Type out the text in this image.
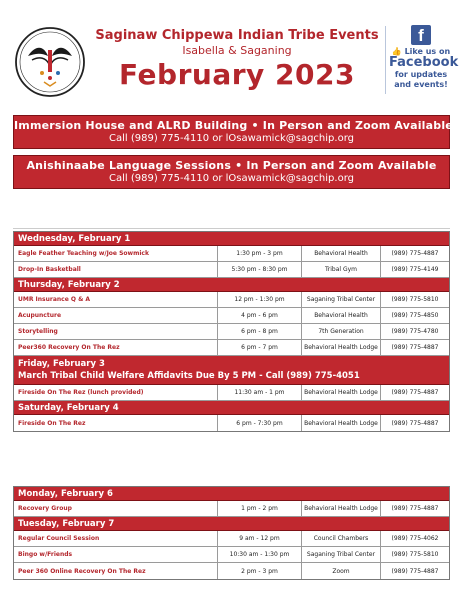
Saginaw Chippewa Indian Tribe Events
Isabella & Saganing
February 2023
f
👍 Like us on
Facebook
for updates
and events!
Immersion House and ALRD Building • In Person and Zoom Available
Call (989) 775-4110 or lOsawamick@sagchip.org
Anishinaabe Language Sessions • In Person and Zoom Available
Call (989) 775-4110 or lOsawamick@sagchip.org
Wednesday, February 1
Eagle Feather Teaching w/Joe Sowmick	1:30 pm - 3 pm	Behavioral Health	(989) 775-4887
Drop-In Basketball	5:30 pm - 8:30 pm	Tribal Gym	(989) 775-4149
Thursday, February 2
UMR Insurance Q & A	12 pm - 1:30 pm	Saganing Tribal Center	(989) 775-5810
Acupuncture	4 pm - 6 pm	Behavioral Health	(989) 775-4850
Storytelling	6 pm - 8 pm	7th Generation	(989) 775-4780
Peer360 Recovery On The Rez	6 pm - 7 pm	Behavioral Health Lodge	(989) 775-4887
Friday, February 3
March Tribal Child Welfare Affidavits Due By 5 PM - Call (989) 775-4051
Fireside On The Rez (lunch provided)	11:30 am - 1 pm	Behavioral Health Lodge	(989) 775-4887
Saturday, February 4
Fireside On The Rez	6 pm - 7:30 pm	Behavioral Health Lodge	(989) 775-4887
Monday, February 6
Recovery Group	1 pm - 2 pm	Behavioral Health Lodge	(989) 775-4887
Tuesday, February 7
Regular Council Session	9 am - 12 pm	Council Chambers	(989) 775-4062
Bingo w/Friends	10:30 am - 1:30 pm	Saganing Tribal Center	(989) 775-5810
Peer 360 Online Recovery On The Rez	2 pm - 3 pm	Zoom	(989) 775-4887
